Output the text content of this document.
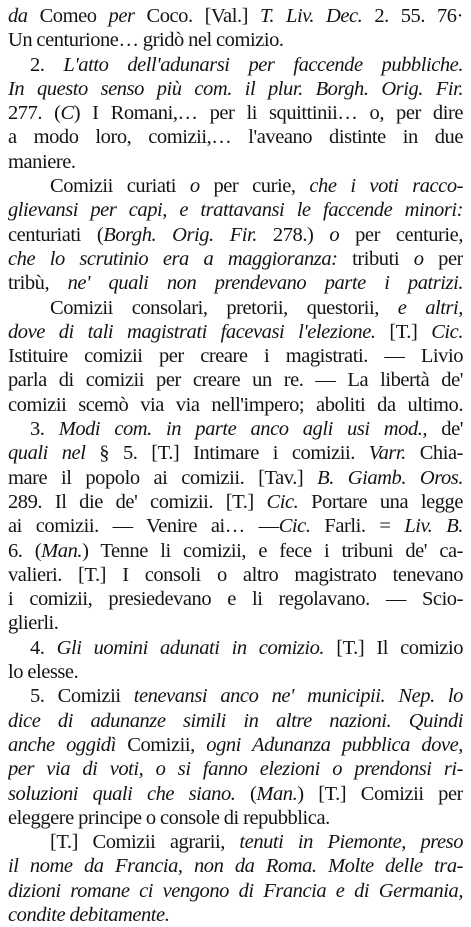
da Comeo per Coco. [Val.] T. Liv. Dec. 2. 55. 76·
Un centurione… gridò nel comizio.
2. L'atto dell'adunarsi per faccende pubbliche.
In questo senso più com. il plur. Borgh. Orig. Fir.
277. (C) I Romani,… per li squittinii… o, per dire
a modo loro, comizii,… l'aveano distinte in due
maniere.
Comizii curiati o per curie, che i voti racco-
glievansi per capi, e trattavansi le faccende minori:
centuriati (Borgh. Orig. Fir. 278.) o per centurie,
che lo scrutinio era a maggioranza: tributi o per
tribù, ne' quali non prendevano parte i patrizi.
Comizii consolari, pretorii, questorii, e altri,
dove di tali magistrati facevasi l'elezione. [T.] Cic.
Istituire comizii per creare i magistrati. — Livio
parla di comizii per creare un re. — La libertà de'
comizii scemò via via nell'impero; aboliti da ultimo.
3. Modi com. in parte anco agli usi mod., de'
quali nel § 5. [T.] Intimare i comizii. Varr. Chia-
mare il popolo ai comizii. [Tav.] B. Giamb. Oros.
289. Il die de' comizii. [T.] Cic. Portare una legge
ai comizii. — Venire ai… —Cic. Farli. = Liv. B.
6. (Man.) Tenne li comizii, e fece i tribuni de' ca-
valieri. [T.] I consoli o altro magistrato tenevano
i comizii, presiedevano e li regolavano. — Scio-
glierli.
4. Gli uomini adunati in comizio. [T.] Il comizio
lo elesse.
5. Comizii tenevansi anco ne' municipii. Nep. lo
dice di adunanze simili in altre nazioni. Quindi
anche oggidì Comizii, ogni Adunanza pubblica dove,
per via di voti, o si fanno elezioni o prendonsi ri-
soluzioni quali che siano. (Man.) [T.] Comizii per
eleggere principe o console di repubblica.
[T.] Comizii agrarii, tenuti in Piemonte, preso
il nome da Francia, non da Roma. Molte delle tra-
dizioni romane ci vengono di Francia e di Germania,
condite debitamente.
